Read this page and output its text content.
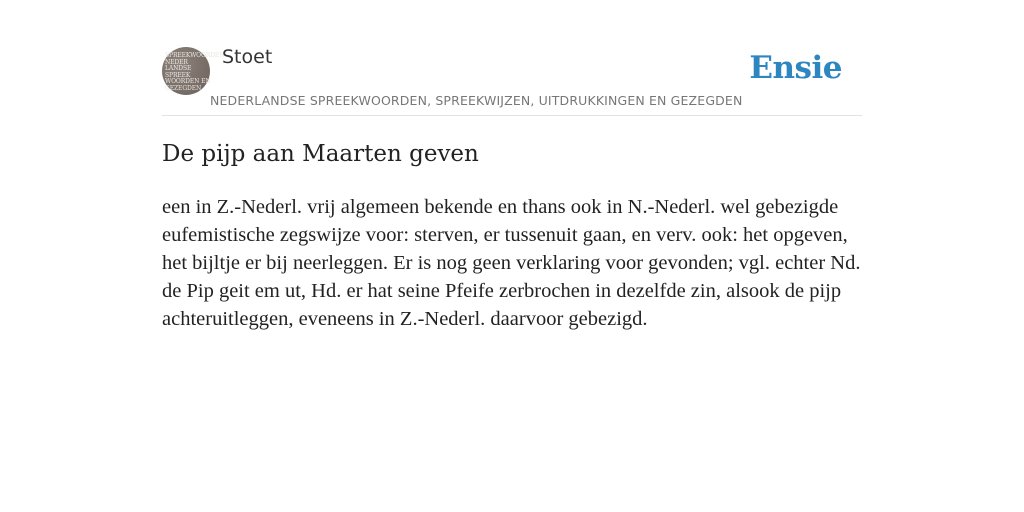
SPREEKWOORDEN
NEDER
LANDSE
SPREEK
WOORDEN EN
GEZEGDEN
Stoet	Ensie
NEDERLANDSE SPREEKWOORDEN, SPREEKWIJZEN, UITDRUKKINGEN EN GEZEGDEN
De pijp aan Maarten geven

een in Z.-Nederl. vrij algemeen bekende en thans ook in N.-Nederl. wel gebezigde eufemistische zegswijze voor: sterven, er tussenuit gaan, en verv. ook: het opgeven, het bijltje er bij neerleggen. Er is nog geen verklaring voor gevonden; vgl. echter Nd. de Pip geit em ut, Hd. er hat seine Pfeife zerbrochen in dezelfde zin, alsook de pijp achteruitleggen, eveneens in Z.-Nederl. daarvoor gebezigd.
